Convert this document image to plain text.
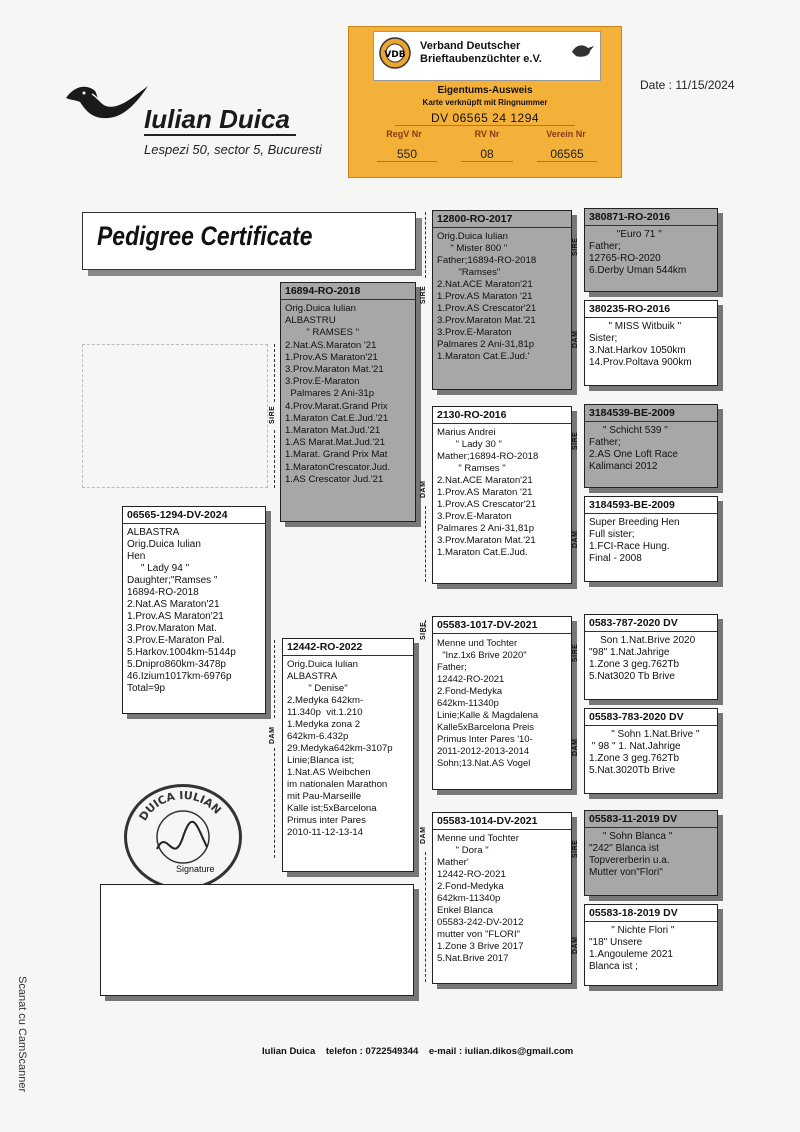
Iulian Duica
Lespezi 50, sector 5, Bucuresti
Date : 11/15/2024
VDB
Verband Deutscher
Brieftaubenzüchter e.V.
Eigentums-Ausweis
Karte verknüpft mit Ringnummer
DV 06565 24 1294
RegV Nr	RV Nr	Verein Nr
550	08	06565
Pedigree Certificate
06565-1294-DV-2024
ALBASTRA
Orig.Duica Iulian
Hen
" Lady 94 "
Daughter;"Ramses "
16894-RO-2018
2.Nat.AS Maraton'21
1.Prov.AS Maraton'21
3.Prov.Maraton Mat.
3.Prov.E-Maraton Pal.
5.Harkov.1004km-5144p
5.Dnipro860km-3478p
46.Izium1017km-6976p
Total=9p
SIRE
DAM
16894-RO-2018
Orig.Duica Iulian
ALBASTRU
" RAMSES "
2.Nat.AS.Maraton '21
1.Prov.AS Maraton'21
3.Prov.Maraton Mat.'21
3.Prov.E-Maraton
Palmares 2 Ani-31p
4.Prov.Marat.Grand Prix
1.Maraton Cat.E.Jud.'21
1.Maraton Mat.Jud.'21
1.AS Marat.Mat.Jud.'21
1.Marat. Grand Prix Mat
1.MaratonCrescator.Jud.
1.AS Crescator Jud.'21
12442-RO-2022
Orig.Duica Iulian
ALBASTRA
" Denise"
2.Medyka 642km-
11.340p  vit.1.210
1.Medyka zona 2
642km-6.432p
29.Medyka642km-3107p
Linie;Blanca ist;
1.Nat.AS Weibchen
im nationalen Marathon
mit Pau-Marseille
Kalle ist;5xBarcelona
Primus inter Pares
2010-11-12-13-14
SIRE
DAM
SIRE
DAM
12800-RO-2017
Orig.Duica Iulian
" Mister 800 "
Father;16894-RO-2018
"Ramses"
2.Nat.ACE Maraton'21
1.Prov.AS Maraton '21
1.Prov.AS Crescator'21
3.Prov.Maraton Mat.'21
3.Prov.E-Maraton
Palmares 2 Ani-31,81p
1.Maraton Cat.E.Jud.'
2130-RO-2016
Marius Andrei
" Lady 30 "
Mather;16894-RO-2018
" Ramses "
2.Nat.ACE Maraton'21
1.Prov.AS Maraton '21
1.Prov.AS Crescator'21
3.Prov.E-Maraton
Palmares 2 Ani-31,81p
3.Prov.Maraton Mat.'21
1.Maraton Cat.E.Jud.
05583-1017-DV-2021
Menne und Tochter
"Inz.1x6 Brive 2020"
Father;
12442-RO-2021
2.Fond-Medyka
642km-11340p
Linie;Kalle & Magdalena
Kalle5xBarcelona Preis
Primus Inter Pares '10-
2011-2012-2013-2014
Sohn;13.Nat.AS Vogel
05583-1014-DV-2021
Menne und Tochter
" Dora "
Mather'
12442-RO-2021
2.Fond-Medyka
642km-11340p
Enkel Blanca
05583-242-DV-2012
mutter von "FLORI"
1.Zone 3 Brive 2017
5.Nat.Brive 2017
SIRE
DAM
SIRE
DAM
SIRE
DAM
SIRE
DAM
380871-RO-2016
"Euro 71 "
Father;
12765-RO-2020
6.Derby Uman 544km
380235-RO-2016
" MISS Witbuik "
Sister;
3.Nat.Harkov 1050km
14.Prov.Poltava 900km
3184539-BE-2009
" Schicht 539 "
Father;
2.AS One Loft Race
Kalimanci 2012
3184593-BE-2009
Super Breeding Hen
Full sister;
1.FCI-Race Hung.
Final - 2008
0583-787-2020 DV
Son 1.Nat.Brive 2020
"98" 1.Nat.Jahrige
1.Zone 3 geg.762Tb
5.Nat3020 Tb Brive
05583-783-2020 DV
" Sohn 1.Nat.Brive "
" 98 " 1. Nat.Jahrige
1.Zone 3 geg.762Tb
5.Nat.3020Tb Brive
05583-11-2019 DV
" Sohn Blanca "
"242" Blanca ist
Topvererberin u.a.
Mutter von"Flori"
05583-18-2019 DV
" Nichte Flori "
"18" Unsere
1.Angouleme 2021
Blanca ist ;
DUICA IULIAN
Signature
Iulian Duica    telefon : 0722549344    e-mail : iulian.dikos@gmail.com
Scanat cu CamScanner
